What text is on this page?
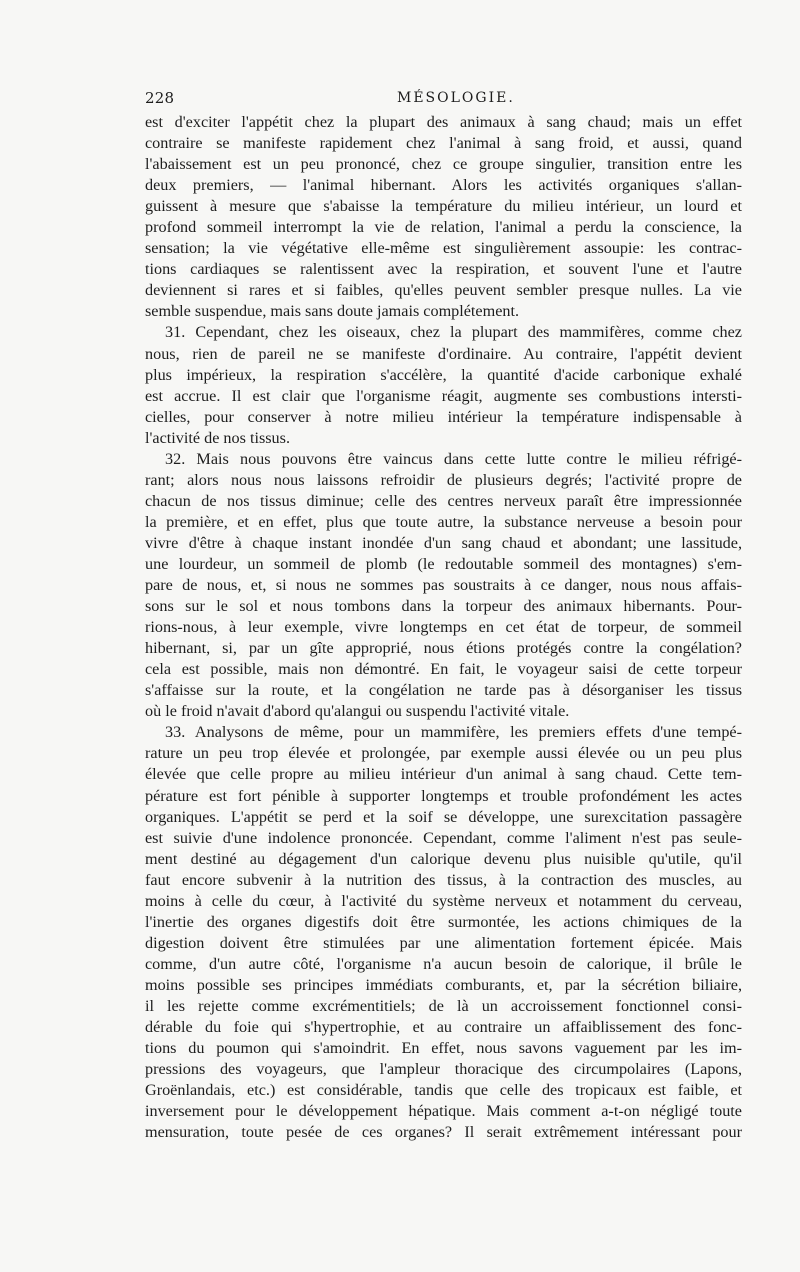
228	MÉSOLOGIE.
est d'exciter l'appétit chez la plupart des animaux à sang chaud; mais un effet
contraire se manifeste rapidement chez l'animal à sang froid, et aussi, quand
l'abaissement est un peu prononcé, chez ce groupe singulier, transition entre les
deux premiers, — l'animal hibernant. Alors les activités organiques s'allan-
guissent à mesure que s'abaisse la température du milieu intérieur, un lourd et
profond sommeil interrompt la vie de relation, l'animal a perdu la conscience, la
sensation; la vie végétative elle-même est singulièrement assoupie: les contrac-
tions cardiaques se ralentissent avec la respiration, et souvent l'une et l'autre
deviennent si rares et si faibles, qu'elles peuvent sembler presque nulles. La vie
semble suspendue, mais sans doute jamais complétement.
31. Cependant, chez les oiseaux, chez la plupart des mammifères, comme chez
nous, rien de pareil ne se manifeste d'ordinaire. Au contraire, l'appétit devient
plus impérieux, la respiration s'accélère, la quantité d'acide carbonique exhalé
est accrue. Il est clair que l'organisme réagit, augmente ses combustions intersti-
cielles, pour conserver à notre milieu intérieur la température indispensable à
l'activité de nos tissus.
32. Mais nous pouvons être vaincus dans cette lutte contre le milieu réfrigé-
rant; alors nous nous laissons refroidir de plusieurs degrés; l'activité propre de
chacun de nos tissus diminue; celle des centres nerveux paraît être impressionnée
la première, et en effet, plus que toute autre, la substance nerveuse a besoin pour
vivre d'être à chaque instant inondée d'un sang chaud et abondant; une lassitude,
une lourdeur, un sommeil de plomb (le redoutable sommeil des montagnes) s'em-
pare de nous, et, si nous ne sommes pas soustraits à ce danger, nous nous affais-
sons sur le sol et nous tombons dans la torpeur des animaux hibernants. Pour-
rions-nous, à leur exemple, vivre longtemps en cet état de torpeur, de sommeil
hibernant, si, par un gîte approprié, nous étions protégés contre la congélation?
cela est possible, mais non démontré. En fait, le voyageur saisi de cette torpeur
s'affaisse sur la route, et la congélation ne tarde pas à désorganiser les tissus
où le froid n'avait d'abord qu'alangui ou suspendu l'activité vitale.
33. Analysons de même, pour un mammifère, les premiers effets d'une tempé-
rature un peu trop élevée et prolongée, par exemple aussi élevée ou un peu plus
élevée que celle propre au milieu intérieur d'un animal à sang chaud. Cette tem-
pérature est fort pénible à supporter longtemps et trouble profondément les actes
organiques. L'appétit se perd et la soif se développe, une surexcitation passagère
est suivie d'une indolence prononcée. Cependant, comme l'aliment n'est pas seule-
ment destiné au dégagement d'un calorique devenu plus nuisible qu'utile, qu'il
faut encore subvenir à la nutrition des tissus, à la contraction des muscles, au
moins à celle du cœur, à l'activité du système nerveux et notamment du cerveau,
l'inertie des organes digestifs doit être surmontée, les actions chimiques de la
digestion doivent être stimulées par une alimentation fortement épicée. Mais
comme, d'un autre côté, l'organisme n'a aucun besoin de calorique, il brûle le
moins possible ses principes immédiats comburants, et, par la sécrétion biliaire,
il les rejette comme excrémentitiels; de là un accroissement fonctionnel consi-
dérable du foie qui s'hypertrophie, et au contraire un affaiblissement des fonc-
tions du poumon qui s'amoindrit. En effet, nous savons vaguement par les im-
pressions des voyageurs, que l'ampleur thoracique des circumpolaires (Lapons,
Groënlandais, etc.) est considérable, tandis que celle des tropicaux est faible, et
inversement pour le développement hépatique. Mais comment a-t-on négligé toute
mensuration, toute pesée de ces organes? Il serait extrêmement intéressant pour
